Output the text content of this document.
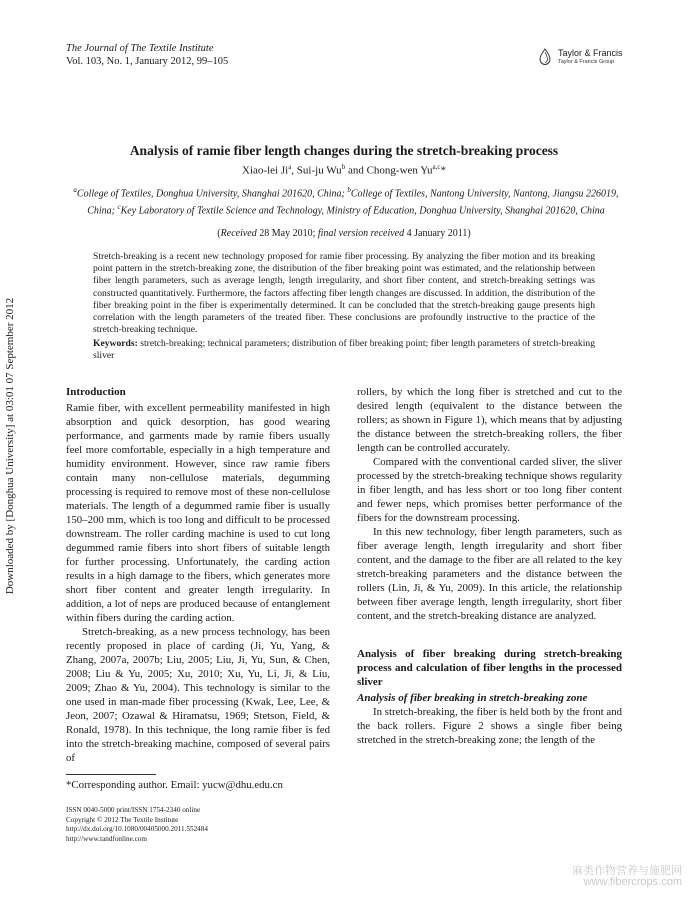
The Journal of The Textile Institute
Vol. 103, No. 1, January 2012, 99–105
Taylor & Francis
Taylor & Francis Group
Downloaded by [Donghua University] at 03:01 07 September 2012
Analysis of ramie fiber length changes during the stretch-breaking process
Xiao-lei Ji$^a$, Sui-ju Wu$^b$ and Chong-wen Yu$^{a,c}$*
$^a$College of Textiles, Donghua University, Shanghai 201620, China; $^b$College of Textiles, Nantong University, Nantong, Jiangsu 226019, China; $^c$Key Laboratory of Textile Science and Technology, Ministry of Education, Donghua University, Shanghai 201620, China
(Received 28 May 2010; final version received 4 January 2011)
Stretch-breaking is a recent new technology proposed for ramie fiber processing. By analyzing the fiber motion and its breaking point pattern in the stretch-breaking zone, the distribution of the fiber breaking point was estimated, and the relationship between fiber length parameters, such as average length, length irregularity, and short fiber content, and stretch-breaking settings was constructed quantitatively. Furthermore, the factors affecting fiber length changes are discussed. In addition, the distribution of the fiber breaking point in the fiber is experimentally determined. It can be concluded that the stretch-breaking gauge presents high correlation with the length parameters of the treated fiber. These conclusions are profoundly instructive to the practice of the stretch-breaking technique.
Keywords: stretch-breaking; technical parameters; distribution of fiber breaking point; fiber length parameters of stretch-breaking sliver
Introduction

Ramie fiber, with excellent permeability manifested in high absorption and quick desorption, has good wearing performance, and garments made by ramie fibers usually feel more comfortable, especially in a high temperature and humidity environment. However, since raw ramie fibers contain many non-cellulose materials, degumming processing is required to remove most of these non-cellulose materials. The length of a degummed ramie fiber is usually 150–200 mm, which is too long and difficult to be processed downstream. The roller carding machine is used to cut long degummed ramie fibers into short fibers of suitable length for further processing. Unfortunately, the carding action results in a high damage to the fibers, which generates more short fiber content and greater length irregularity. In addition, a lot of neps are produced because of entanglement within fibers during the carding action.

Stretch-breaking, as a new process technology, has been recently proposed in place of carding (Ji, Yu, Yang, & Zhang, 2007a, 2007b; Liu, 2005; Liu, Ji, Yu, Sun, & Chen, 2008; Liu & Yu, 2005; Xu, 2010; Xu, Yu, Li, Ji, & Liu, 2009; Zhao & Yu, 2004). This technology is similar to the one used in man-made fiber processing (Kwak, Lee, Lee, & Jeon, 2007; Ozawal & Hiramatsu, 1969; Stetson, Field, & Ronald, 1978). In this technique, the long ramie fiber is fed into the stretch-breaking machine, composed of several pairs of

rollers, by which the long fiber is stretched and cut to the desired length (equivalent to the distance between the rollers; as shown in Figure 1), which means that by adjusting the distance between the stretch-breaking rollers, the fiber length can be controlled accurately.

Compared with the conventional carded sliver, the sliver processed by the stretch-breaking technique shows regularity in fiber length, and has less short or too long fiber content and fewer neps, which promises better performance of the fibers for the downstream processing.

In this new technology, fiber length parameters, such as fiber average length, length irregularity and short fiber content, and the damage to the fiber are all related to the key stretch-breaking parameters and the distance between the rollers (Lin, Ji, & Yu, 2009). In this article, the relationship between fiber average length, length irregularity, short fiber content, and the stretch-breaking distance are analyzed.

Analysis of fiber breaking during stretch-breaking process and calculation of fiber lengths in the processed sliver
Analysis of fiber breaking in stretch-breaking zone

In stretch-breaking, the fiber is held both by the front and the back rollers. Figure 2 shows a single fiber being stretched in the stretch-breaking zone; the length of the

*Corresponding author. Email: yucw@dhu.edu.cn
ISSN 0040-5000 print/ISSN 1754-2340 online
Copyright © 2012 The Textile Institute
http://dx.doi.org/10.1080/00405000.2011.552484
http://www.tandfonline.com
麻类作物营养与施肥网
www.fibercrops.com
